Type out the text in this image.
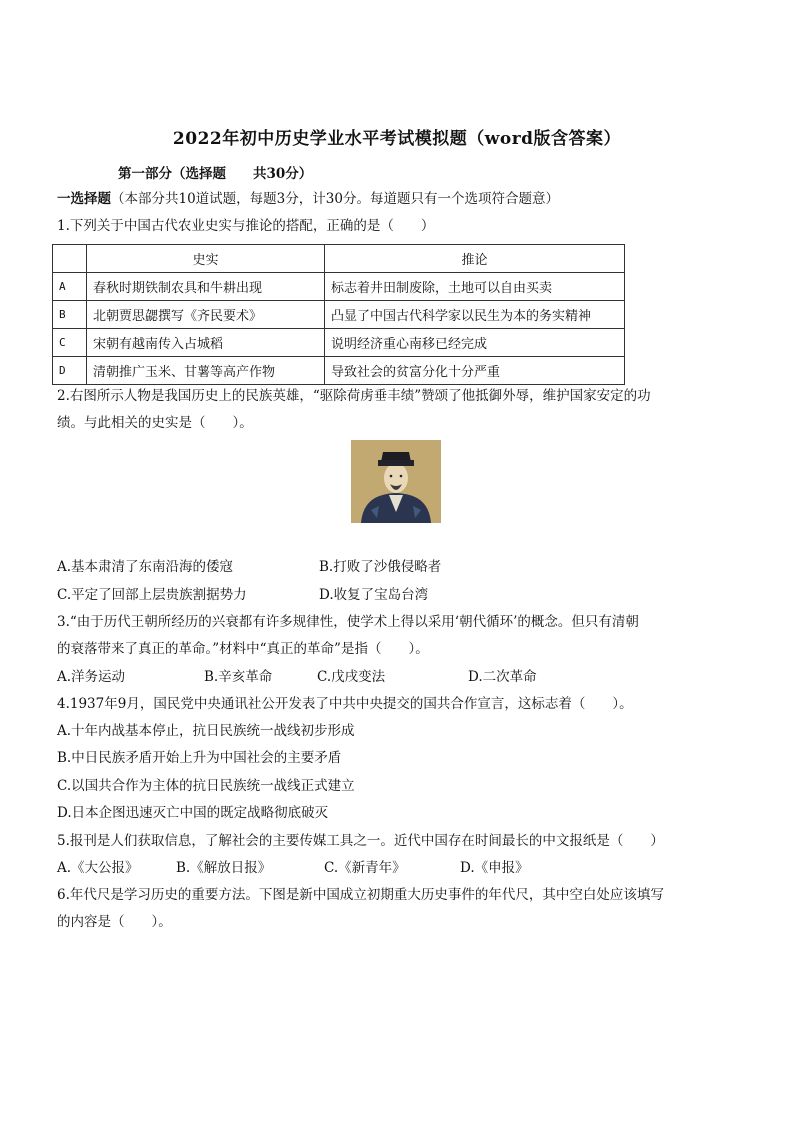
2022年初中历史学业水平考试模拟题（word版含答案）
第一部分（选择题　　共30分）
一选择题（本部分共10道试题，每题3分，计30分。每道题只有一个选项符合题意）
1.下列关于中国古代农业史实与推论的搭配，正确的是（　　）
	史实	推论
A	春秋时期铁制农具和牛耕出现	标志着井田制废除，土地可以自由买卖
B	北朝贾思勰撰写《齐民要术》	凸显了中国古代科学家以民生为本的务实精神
C	宋朝有越南传入占城稻	说明经济重心南移已经完成
D	清朝推广玉米、甘薯等高产作物	导致社会的贫富分化十分严重
2.右图所示人物是我国历史上的民族英雄，“驱除荷虏垂丰绩”赞颂了他抵御外辱，维护国家安定的功
绩。与此相关的史实是（　　）。
A.基本肃清了东南沿海的倭寇	B.打败了沙俄侵略者
C.平定了回部上层贵族割据势力	D.收复了宝岛台湾
3.“由于历代王朝所经历的兴衰都有许多规律性，使学术上得以采用‘朝代循环’的概念。但只有清朝
的衰落带来了真正的革命。”材料中“真正的革命”是指（　　）。
A.洋务运动	B.辛亥革命	C.戊戌变法	D.二次革命
4.1937年9月，国民党中央通讯社公开发表了中共中央提交的国共合作宣言，这标志着（　　）。
A.十年内战基本停止，抗日民族统一战线初步形成
B.中日民族矛盾开始上升为中国社会的主要矛盾
C.以国共合作为主体的抗日民族统一战线正式建立
D.日本企图迅速灭亡中国的既定战略彻底破灭
5.报刊是人们获取信息，了解社会的主要传媒工具之一。近代中国存在时间最长的中文报纸是（　　）
A.《大公报》	B.《解放日报》	C.《新青年》	D.《申报》
6.年代尺是学习历史的重要方法。下图是新中国成立初期重大历史事件的年代尺，其中空白处应该填写
的内容是（　　）。
